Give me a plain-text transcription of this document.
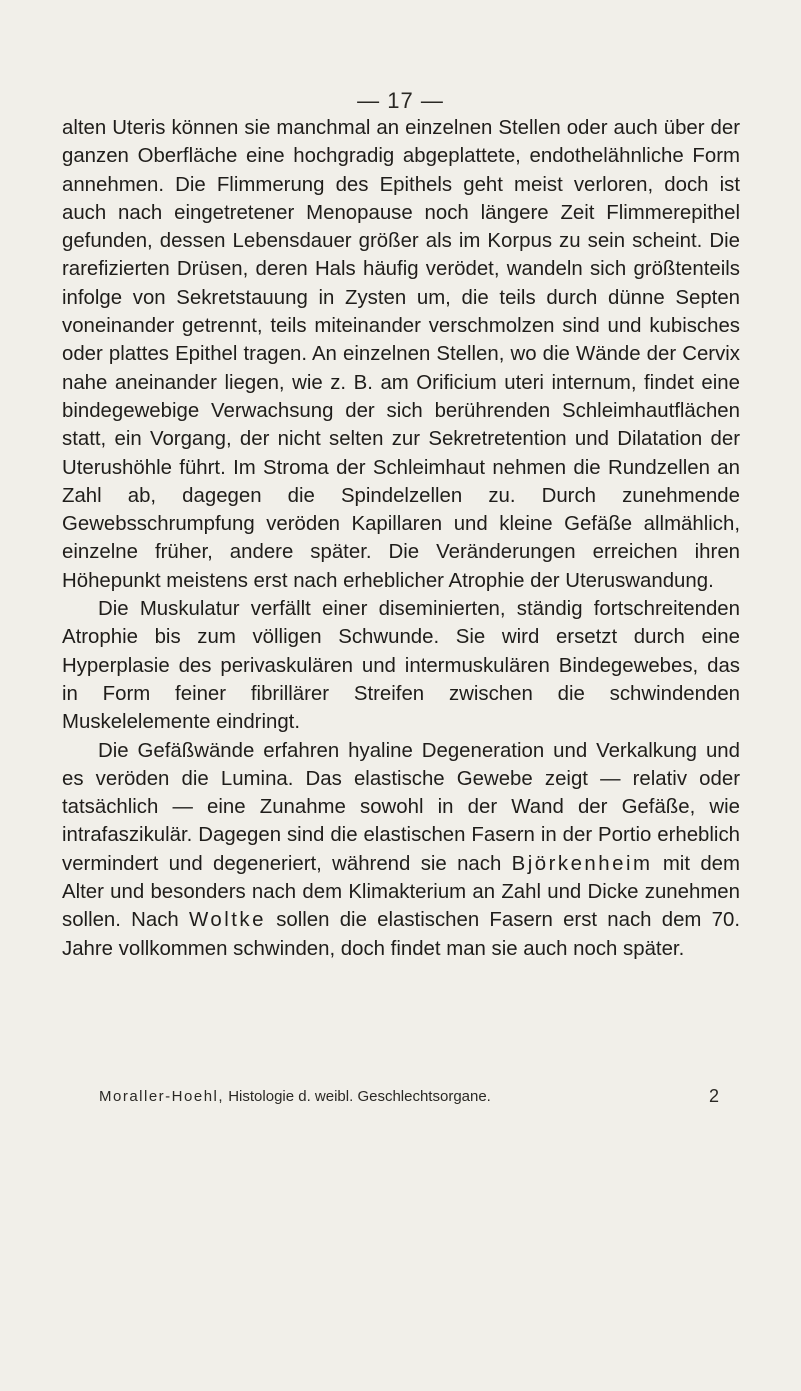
— 17 —

alten Uteris können sie manchmal an einzelnen Stellen oder auch über der ganzen Oberfläche eine hochgradig abgeplattete, endothelähnliche Form annehmen. Die Flimmerung des Epithels geht meist verloren, doch ist auch nach eingetretener Menopause noch längere Zeit Flimmerepithel gefunden, dessen Lebensdauer größer als im Korpus zu sein scheint. Die rarefizierten Drüsen, deren Hals häufig verödet, wandeln sich größtenteils infolge von Sekretstauung in Zysten um, die teils durch dünne Septen voneinander getrennt, teils miteinander verschmolzen sind und kubisches oder plattes Epithel tragen. An einzelnen Stellen, wo die Wände der Cervix nahe aneinander liegen, wie z. B. am Orificium uteri internum, findet eine bindegewebige Verwachsung der sich berührenden Schleimhautflächen statt, ein Vorgang, der nicht selten zur Sekretretention und Dilatation der Uterushöhle führt. Im Stroma der Schleimhaut nehmen die Rundzellen an Zahl ab, dagegen die Spindelzellen zu. Durch zunehmende Gewebsschrumpfung veröden Kapillaren und kleine Gefäße allmählich, einzelne früher, andere später. Die Veränderungen erreichen ihren Höhepunkt meistens erst nach erheblicher Atrophie der Uteruswandung.

Die Muskulatur verfällt einer diseminierten, ständig fortschreitenden Atrophie bis zum völligen Schwunde. Sie wird ersetzt durch eine Hyperplasie des perivaskulären und intermuskulären Bindegewebes, das in Form feiner fibrillärer Streifen zwischen die schwindenden Muskelelemente eindringt.

Die Gefäßwände erfahren hyaline Degeneration und Verkalkung und es veröden die Lumina. Das elastische Gewebe zeigt — relativ oder tatsächlich — eine Zunahme sowohl in der Wand der Gefäße, wie intrafaszikulär. Dagegen sind die elastischen Fasern in der Portio erheblich vermindert und degeneriert, während sie nach Björkenheim mit dem Alter und besonders nach dem Klimakterium an Zahl und Dicke zunehmen sollen. Nach Woltke sollen die elastischen Fasern erst nach dem 70. Jahre vollkommen schwinden, doch findet man sie auch noch später.

Moraller-Hoehl, Histologie d. weibl. Geschlechtsorgane.	2
